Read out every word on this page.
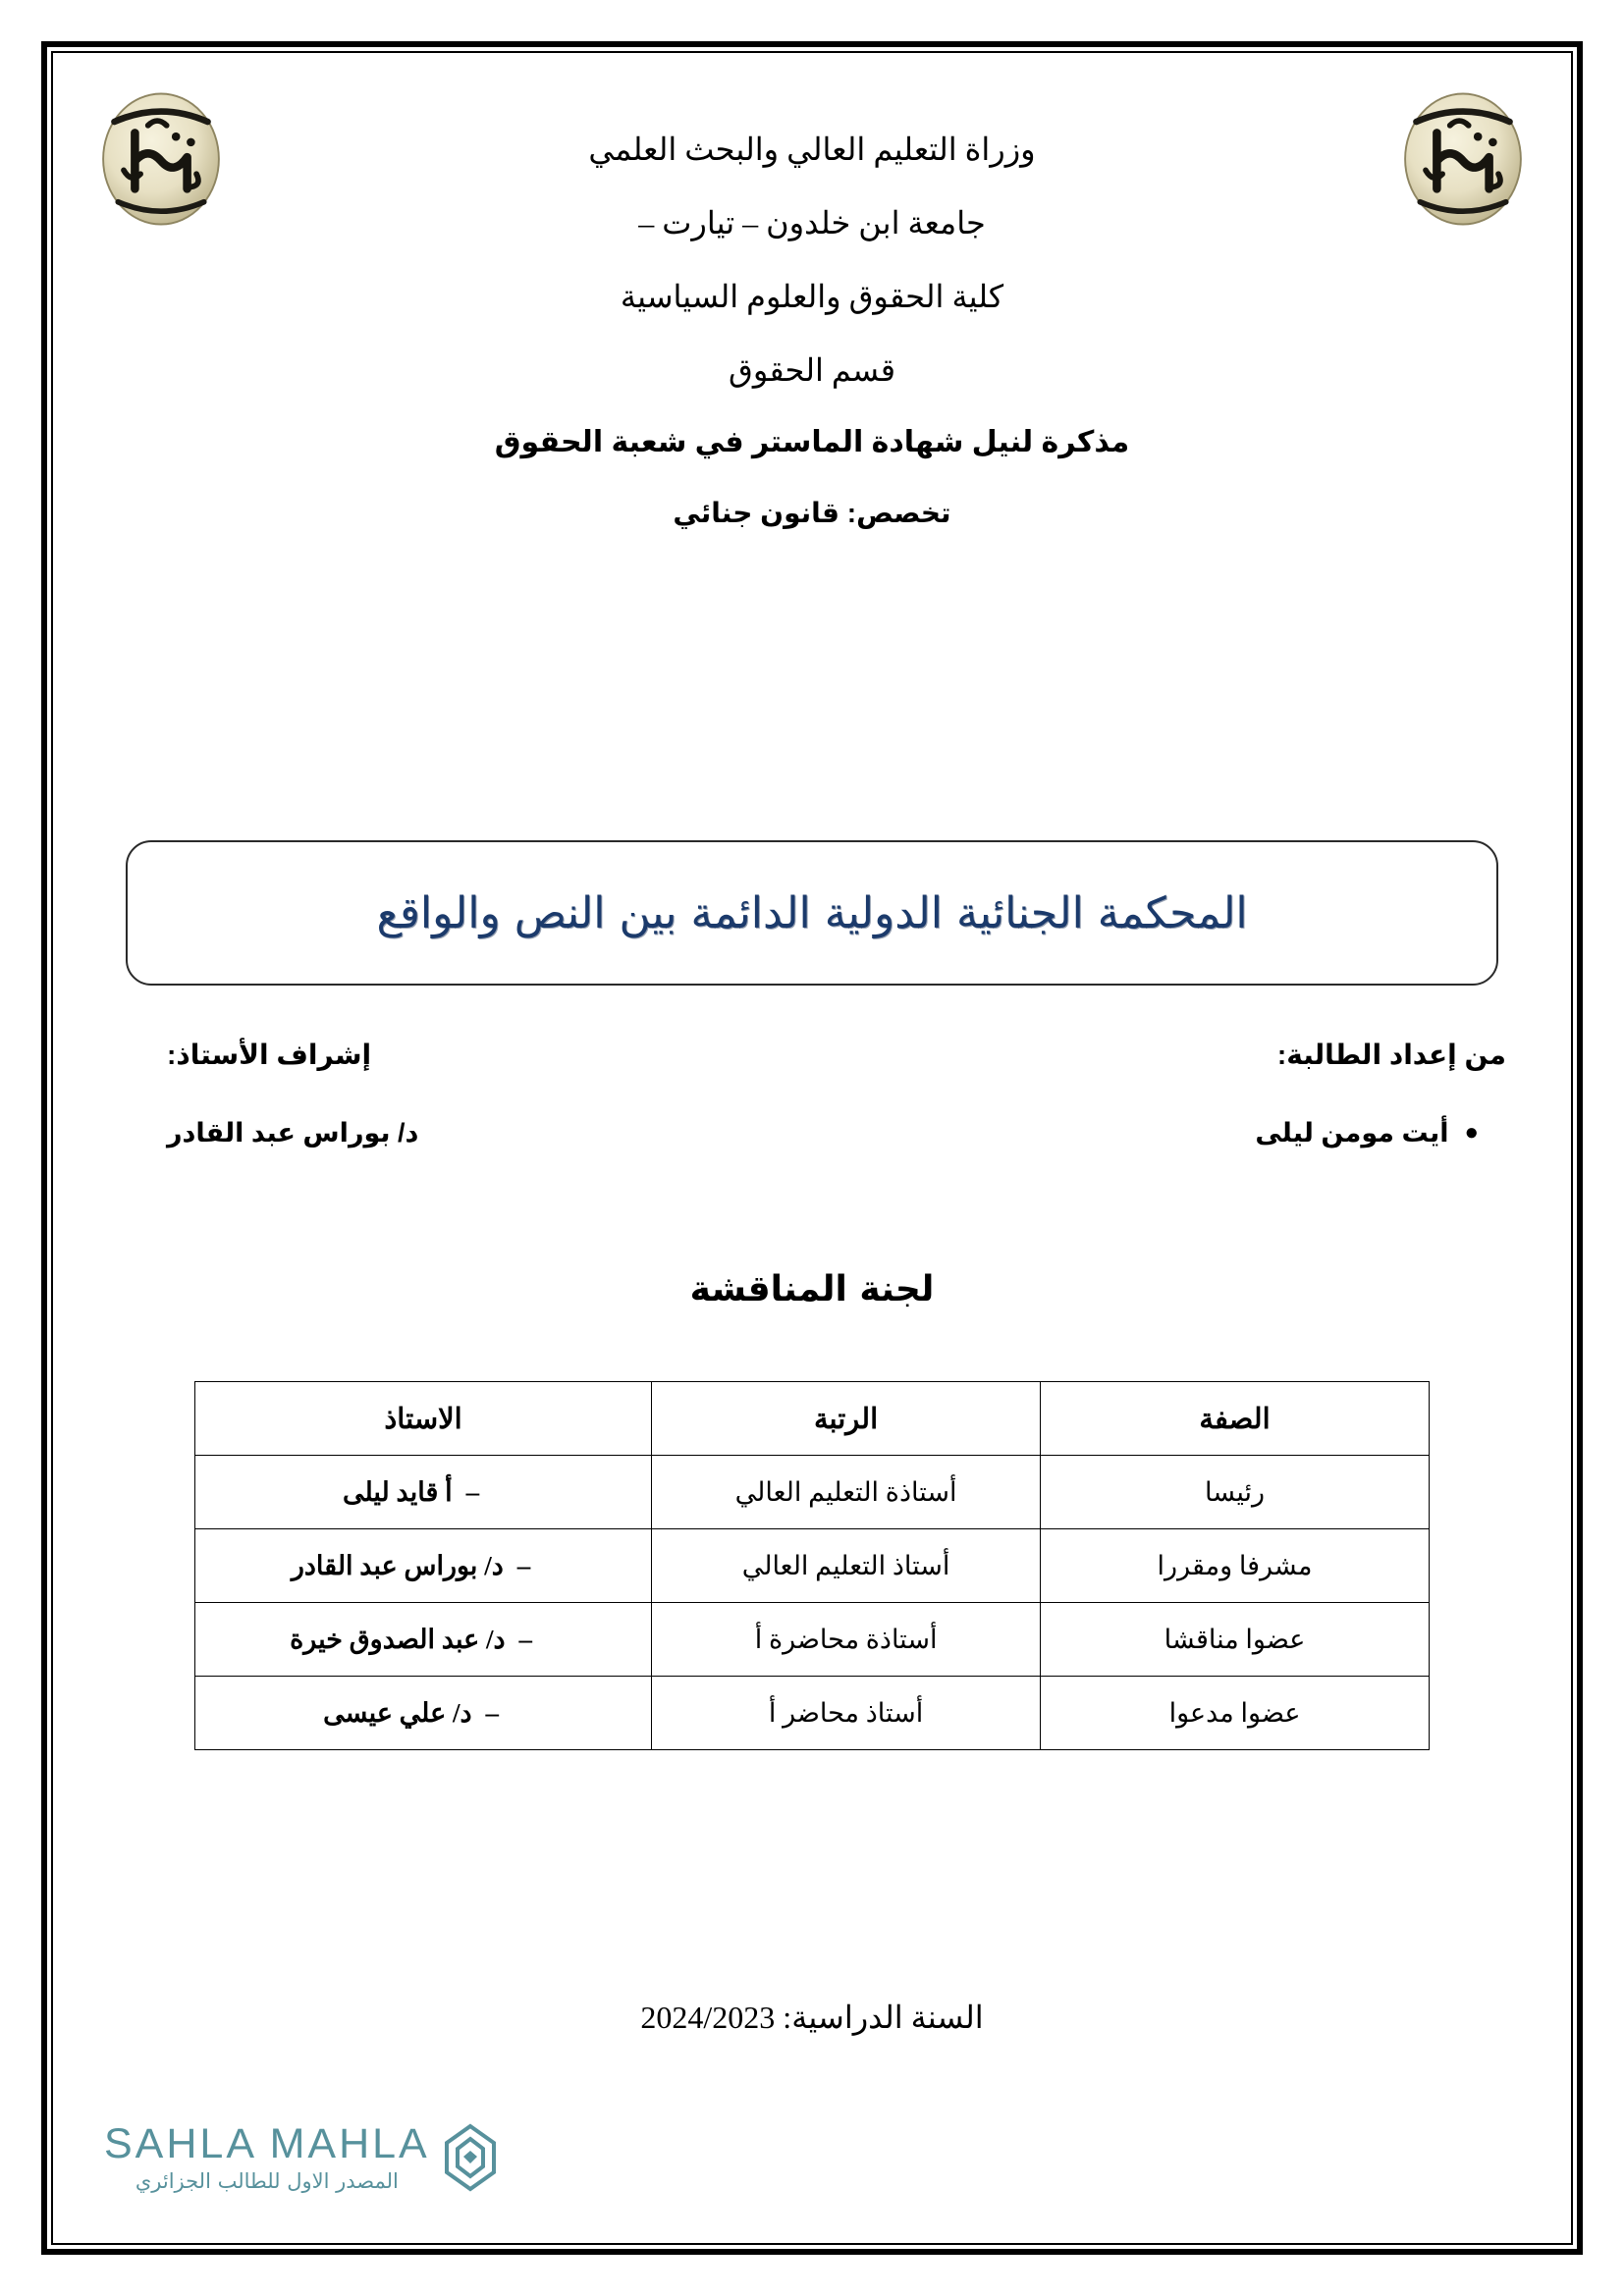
وزراة التعليم العالي والبحث العلمي

جامعة ابن خلدون – تيارت –

كلية الحقوق والعلوم السياسية

قسم الحقوق

مذكرة لنيل شهادة الماستر في شعبة الحقوق

تخصص: قانون جنائي

المحكمة الجنائية الدولية الدائمة بين النص والواقع

من إعداد الطالبة:

●أيت مومن ليلى

إشراف الأستاذ:

د/ بوراس عبد القادر

لجنة المناقشة
الصفة	الرتبة	الاستاذ
رئيسا	أستاذة التعليم العالي	–أ قايد ليلى
مشرفا ومقررا	أستاذ التعليم العالي	–د/ بوراس عبد القادر
عضوا مناقشا	أستاذة محاضرة أ	–د/ عبد الصدوق خيرة
عضوا مدعوا	أستاذ محاضر أ	–د/ علي عيسى
السنة الدراسية: 2024/2023
SAHLA MAHLA
المصدر الاول للطالب الجزائري
